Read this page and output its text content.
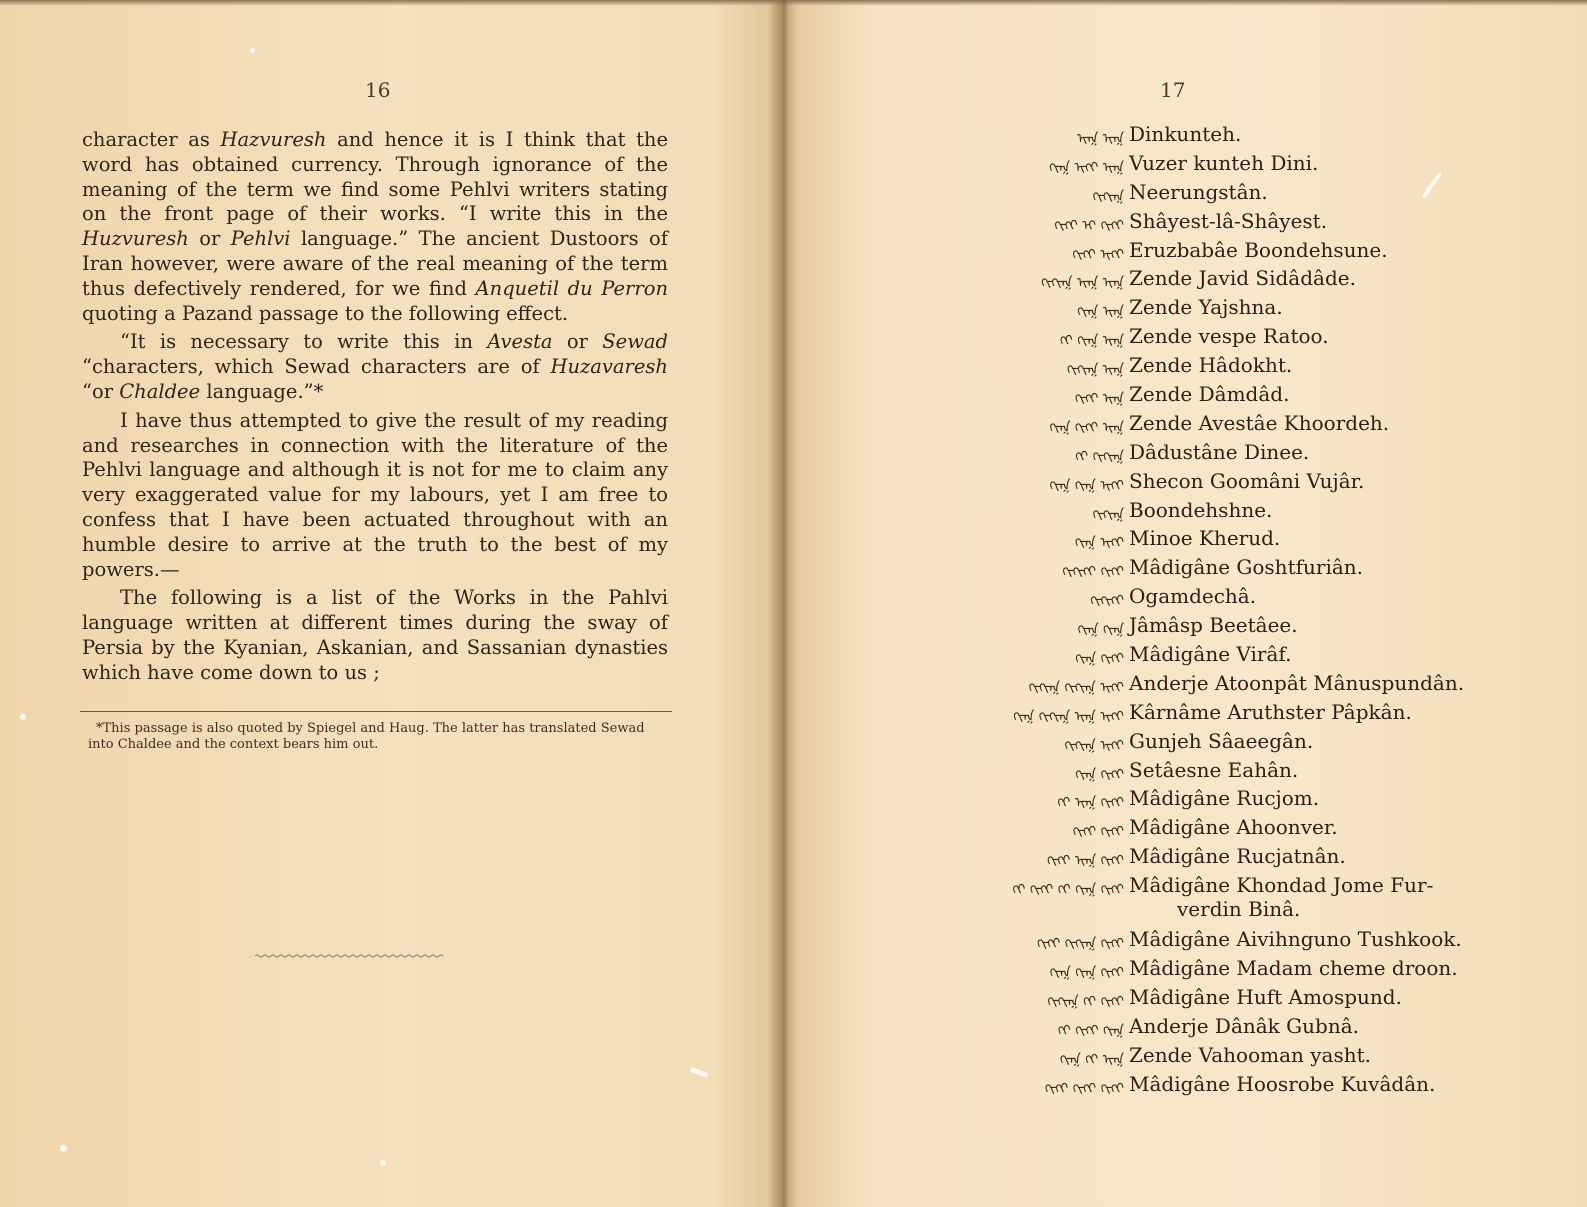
16

character as Hazvuresh and hence it is I think that the word has obtained currency. Through ignorance of the meaning of the term we find some Pehlvi writers stating on the front page of their works. “I write this in the Huzvuresh or Pehlvi language.” The ancient Dustoors of Iran however, were aware of the real meaning of the term thus defectively rendered, for we find Anquetil du Perron quoting a Pazand passage to the following effect.

“It is necessary to write this in Avesta or Sewad “characters, which Sewad characters are of Huzavaresh “or Chaldee language.”*

I have thus attempted to give the result of my reading and researches in connection with the literature of the Pehlvi language and although it is not for me to claim any very exaggerated value for my labours, yet I am free to confess that I have been actuated throughout with an humble desire to arrive at the truth to the best of my powers.—

The following is a list of the Works in the Pahlvi language written at different times during the sway of Persia by the Kyanian, Askanian, and Sassanian dynasties which have come down to us ;

*This passage is also quoted by Spiegel and Haug. The latter has translated Sewad into Chaldee and the context bears him out.
17
ᠢᡴ ᠢᡴ Dinkunteh.
ᡴᠢᡴ ᠢᡴᠢ ᠢᡴ Vuzer kunteh Dini.
ᡴᠢᡴᠢᡴ Neerungstân.
ᡴᠢᡴᠢ ᠢ ᡴᠢᡴᠢ Shâyest-lâ-Shâyest.
ᡴᠢᡴᠢ ᠢᡴᠢ Eruzbabâe Boondehsune.
ᡴᠢᡴᠢᡴ ᠢᡴ ᠢᡴ Zende Javid Sidâdâde.
ᡴᠢᡴ ᠢᡴ Zende Yajshna.
ᡴᠢ ᡴᠢᡴ ᠢᡴ Zende vespe Ratoo.
ᡴᠢᡴᠢᡴ ᠢᡴ Zende Hâdokht.
ᡴᠢᡴᠢ ᠢᡴ Zende Dâmdâd.
ᡴᠢᡴ ᡴᠢᡴᠢ ᠢᡴ Zende Avestâe Khoordeh.
ᡴᠢ ᡴᠢᡴᠢᡴ Dâdustâne Dinee.
ᡴᠢᡴ ᡴᠢᡴ ᠢᡴᠢ Shecon Goomâni Vujâr.
ᡴᠢᡴᠢᡴ Boondehshne.
ᡴᠢᡴ ᠢᡴᠢ Minoe Kherud.
ᡴᠢᡴᠢᡴᠢ ᡴᠢᡴᠢ Mâdigâne Goshtfuriân.
ᡴᠢᡴᠢᡴᠢ Ogamdechâ.
ᡴᠢᡴ ᡴᠢᡴ Jâmâsp Beetâee.
ᡴᠢᡴ ᡴᠢᡴᠢ Mâdigâne Virâf.
ᡴᠢᡴᠢᡴ ᡴᠢᡴᠢᡴ ᠢᡴᠢ Anderje Atoonpât Mânuspundân.
ᡴᠢᡴ ᡴᠢᡴᠢᡴ ᠢᡴ ᠢᡴᠢ Kârnâme Aruthster Pâpkân.
ᡴᠢᡴᠢᡴ ᠢᡴᠢ Gunjeh Sâaeegân.
ᡴᠢᡴ ᡴᠢᡴᠢ Setâesne Eahân.
ᡴᠢ ᠢᡴ ᡴᠢᡴᠢ Mâdigâne Rucjom.
ᡴᠢᡴᠢ ᡴᠢᡴᠢ Mâdigâne Ahoonver.
ᡴᠢᡴᠢ ᠢᡴ ᡴᠢᡴᠢ Mâdigâne Rucjatnân.
ᡴᠢ ᡴᠢᡴᠢ ᡴᠢ ᡴᠢᡴ ᡴᠢᡴᠢ Mâdigâne Khondad Jome Fur-
verdin Binâ.
ᡴᠢᡴᠢ ᡴᠢᡴᠢᡴ ᡴᠢᡴᠢ Mâdigâne Aivihnguno Tushkook.
ᡴᠢᡴ ᡴᠢᡴ ᡴᠢᡴᠢ Mâdigâne Madam cheme droon.
ᡴᠢᡴᠢᡴ ᡴᠢ ᡴᠢᡴᠢ Mâdigâne Huft Amospund.
ᡴᠢ ᡴᠢᡴᠢ ᡴᠢᡴ Anderje Dânâk Gubnâ.
ᡴᠢᡴ ᡴᠢ ᠢᡴ Zende Vahooman yasht.
ᡴᠢᡴᠢ ᡴᠢᡴᠢ ᡴᠢᡴᠢ Mâdigâne Hoosrobe Kuvâdân.
